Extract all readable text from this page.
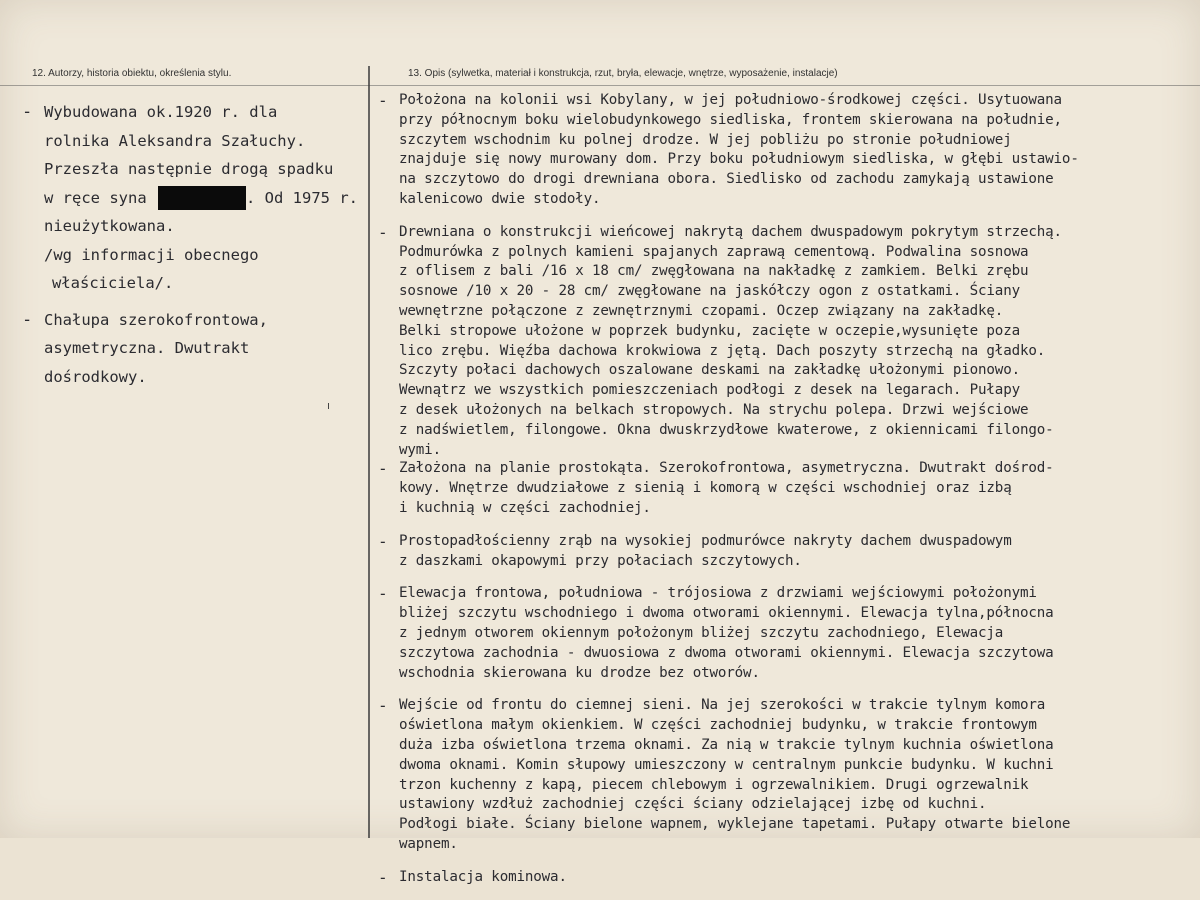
12. Autorzy, historia obiektu, określenia stylu.	13. Opis (sylwetka, materiał i konstrukcja, rzut, bryła, elewacje, wnętrze, wyposażenie, instalacje)
- Wybudowana ok.1920 r. dla
rolnika Aleksandra Szałuchy.
Przeszła następnie drogą spadku
w ręce syna	. Od 1975 r.
nieużytkowana.
/wg informacji obecnego
właściciela/.
- Chałupa szerokofrontowa,
asymetryczna. Dwutrakt
dośrodkowy.
- Położona na kolonii wsi Kobylany, w jej południowo-środkowej części. Usytuowana
przy północnym boku wielobudynkowego siedliska, frontem skierowana na południe,
szczytem wschodnim ku polnej drodze. W jej pobliżu po stronie południowej
znajduje się nowy murowany dom. Przy boku południowym siedliska, w głębi ustawio-
na szczytowo do drogi drewniana obora. Siedlisko od zachodu zamykają ustawione
kalenicowo dwie stodoły.
- Drewniana o konstrukcji wieńcowej nakrytą dachem dwuspadowym pokrytym strzechą.
Podmurówka z polnych kamieni spajanych zaprawą cementową. Podwalina sosnowa
z oflisem z bali /16 x 18 cm/ zwęgłowana na nakładkę z zamkiem. Belki zrębu
sosnowe /10 x 20 - 28 cm/ zwęgłowane na jaskółczy ogon z ostatkami. Ściany
wewnętrzne połączone z zewnętrznymi czopami. Oczep związany na zakładkę.
Belki stropowe ułożone w poprzek budynku, zacięte w oczepie,wysunięte poza
lico zrębu. Więźba dachowa krokwiowa z jętą. Dach poszyty strzechą na gładko.
Szczyty połaci dachowych oszalowane deskami na zakładkę ułożonymi pionowo.
Wewnątrz we wszystkich pomieszczeniach podłogi z desek na legarach. Pułapy
z desek ułożonych na belkach stropowych. Na strychu polepa. Drzwi wejściowe
z nadświetlem, filongowe. Okna dwuskrzydłowe kwaterowe, z okiennicami filongo-
wymi.
- Założona na planie prostokąta. Szerokofrontowa, asymetryczna. Dwutrakt dośrod-
kowy. Wnętrze dwudziałowe z sienią i komorą w części wschodniej oraz izbą
i kuchnią w części zachodniej.
- Prostopadłościenny zrąb na wysokiej podmurówce nakryty dachem dwuspadowym
z daszkami okapowymi przy połaciach szczytowych.
- Elewacja frontowa, południowa - trójosiowa z drzwiami wejściowymi położonymi
bliżej szczytu wschodniego i dwoma otworami okiennymi. Elewacja tylna,północna
z jednym otworem okiennym położonym bliżej szczytu zachodniego, Elewacja
szczytowa zachodnia - dwuosiowa z dwoma otworami okiennymi. Elewacja szczytowa
wschodnia skierowana ku drodze bez otworów.
- Wejście od frontu do ciemnej sieni. Na jej szerokości w trakcie tylnym komora
oświetlona małym okienkiem. W części zachodniej budynku, w trakcie frontowym
duża izba oświetlona trzema oknami. Za nią w trakcie tylnym kuchnia oświetlona
dwoma oknami. Komin słupowy umieszczony w centralnym punkcie budynku. W kuchni
trzon kuchenny z kapą, piecem chlebowym i ogrzewalnikiem. Drugi ogrzewalnik
ustawiony wzdłuż zachodniej części ściany odzielającej izbę od kuchni.
Podłogi białe. Ściany bielone wapnem, wyklejane tapetami. Pułapy otwarte bielone
wapnem.
- Instalacja kominowa.
